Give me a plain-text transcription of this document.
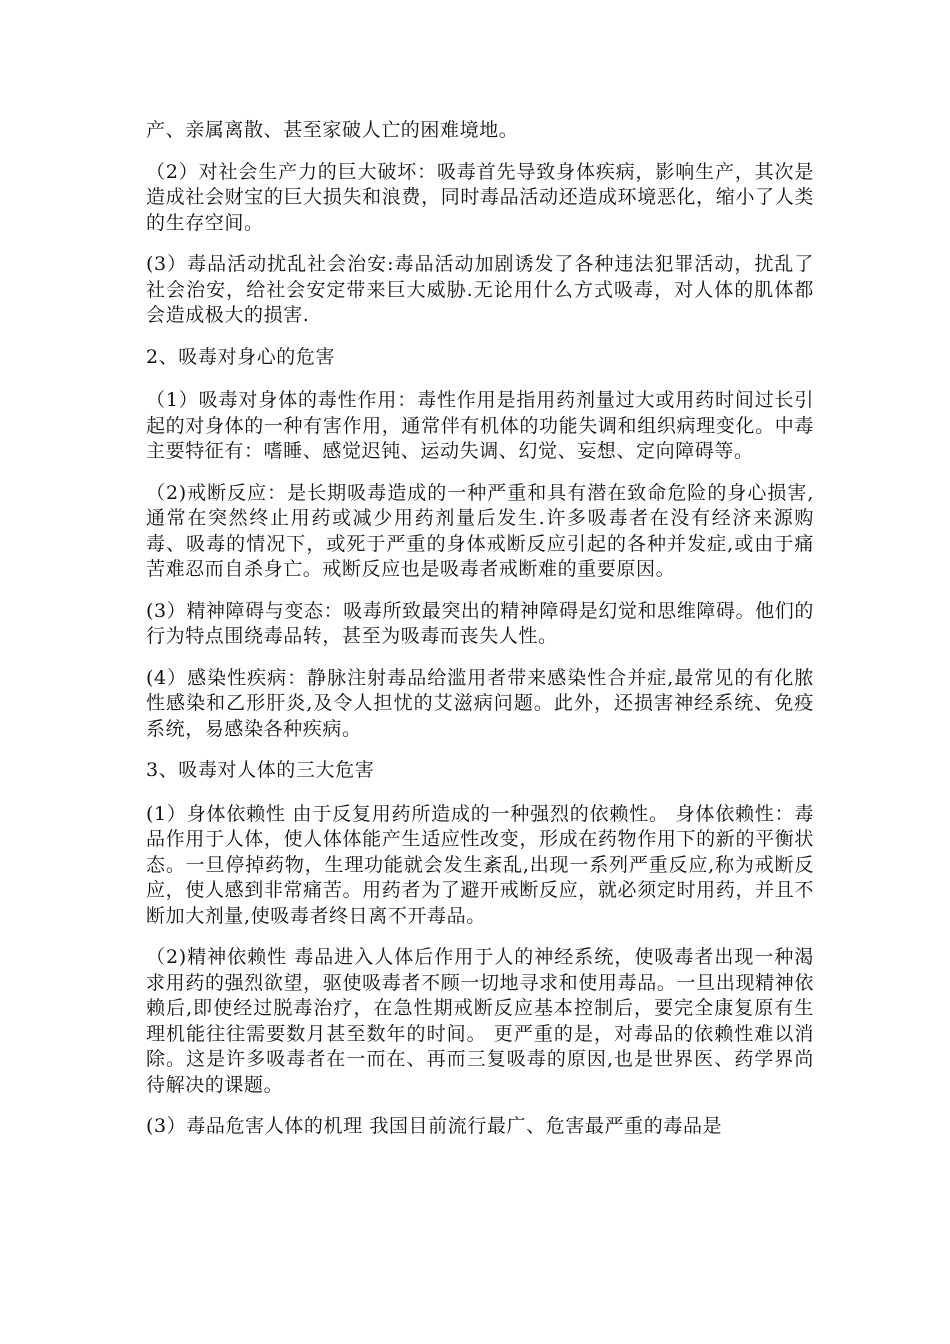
产、亲属离散、甚至家破人亡的困难境地。

（2）对社会生产力的巨大破坏：吸毒首先导致身体疾病，影响生产，其次是造成社会财宝的巨大损失和浪费，同时毒品活动还造成环境恶化，缩小了人类的生存空间。

(3）毒品活动扰乱社会治安:毒品活动加剧诱发了各种违法犯罪活动，扰乱了社会治安，给社会安定带来巨大威胁.无论用什么方式吸毒，对人体的肌体都会造成极大的损害.

2、吸毒对身心的危害

（1）吸毒对身体的毒性作用：毒性作用是指用药剂量过大或用药时间过长引起的对身体的一种有害作用，通常伴有机体的功能失调和组织病理变化。中毒主要特征有：嗜睡、感觉迟钝、运动失调、幻觉、妄想、定向障碍等。

（2)戒断反应：是长期吸毒造成的一种严重和具有潜在致命危险的身心损害,通常在突然终止用药或减少用药剂量后发生.许多吸毒者在没有经济来源购毒、吸毒的情况下，或死于严重的身体戒断反应引起的各种并发症,或由于痛苦难忍而自杀身亡。戒断反应也是吸毒者戒断难的重要原因。

(3）精神障碍与变态：吸毒所致最突出的精神障碍是幻觉和思维障碍。他们的行为特点围绕毒品转，甚至为吸毒而丧失人性。

(4）感染性疾病：静脉注射毒品给滥用者带来感染性合并症,最常见的有化脓性感染和乙形肝炎,及令人担忧的艾滋病问题。此外，还损害神经系统、免疫系统，易感染各种疾病。

3、吸毒对人体的三大危害

(1）身体依赖性 由于反复用药所造成的一种强烈的依赖性。 身体依赖性：毒品作用于人体，使人体体能产生适应性改变，形成在药物作用下的新的平衡状态。一旦停掉药物，生理功能就会发生紊乱,出现一系列严重反应,称为戒断反应，使人感到非常痛苦。用药者为了避开戒断反应，就必须定时用药，并且不断加大剂量,使吸毒者终日离不开毒品。

（2)精神依赖性 毒品进入人体后作用于人的神经系统，使吸毒者出现一种渴求用药的强烈欲望，驱使吸毒者不顾一切地寻求和使用毒品。一旦出现精神依赖后,即使经过脱毒治疗，在急性期戒断反应基本控制后，要完全康复原有生理机能往往需要数月甚至数年的时间。 更严重的是，对毒品的依赖性难以消除。这是许多吸毒者在一而在、再而三复吸毒的原因,也是世界医、药学界尚待解决的课题。

(3）毒品危害人体的机理 我国目前流行最广、危害最严重的毒品是
